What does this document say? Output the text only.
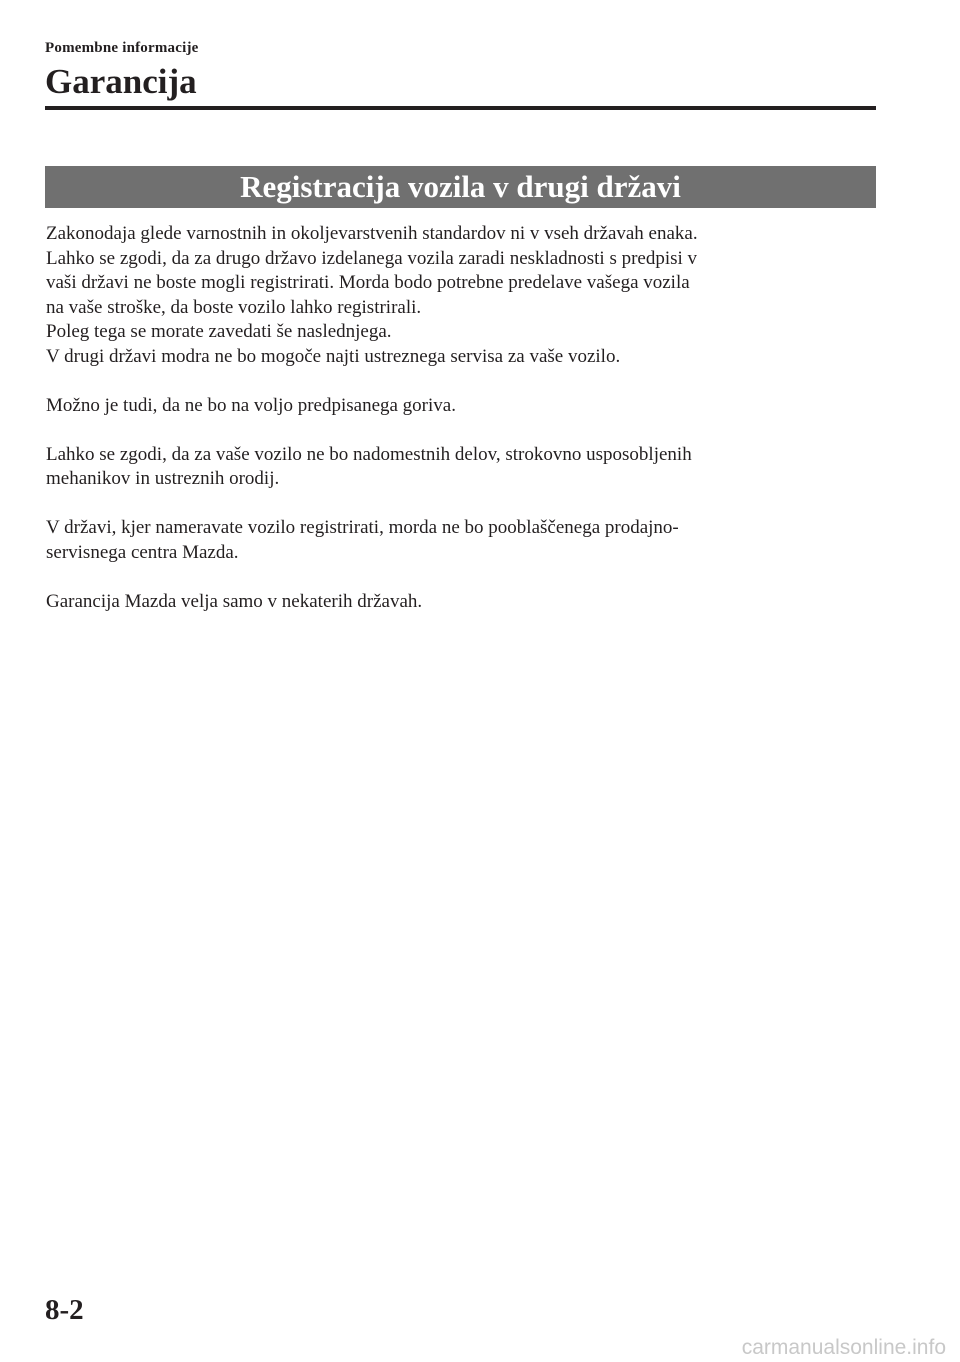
Pomembne informacije
Garancija
Registracija vozila v drugi državi

Zakonodaja glede varnostnih in okoljevarstvenih standardov ni v vseh državah enaka.

Lahko se zgodi, da za drugo državo izdelanega vozila zaradi neskladnosti s predpisi v

vaši državi ne boste mogli registrirati. Morda bodo potrebne predelave vašega vozila

na vaše stroške, da boste vozilo lahko registrirali.

Poleg tega se morate zavedati še naslednjega.

V drugi državi modra ne bo mogoče najti ustreznega servisa za vaše vozilo.

Možno je tudi, da ne bo na voljo predpisanega goriva.

Lahko se zgodi, da za vaše vozilo ne bo nadomestnih delov, strokovno usposobljenih

mehanikov in ustreznih orodij.

V državi, kjer nameravate vozilo registrirati, morda ne bo pooblaščenega prodajno-

servisnega centra Mazda.

Garancija Mazda velja samo v nekaterih državah.

8-2
carmanualsonline.info
